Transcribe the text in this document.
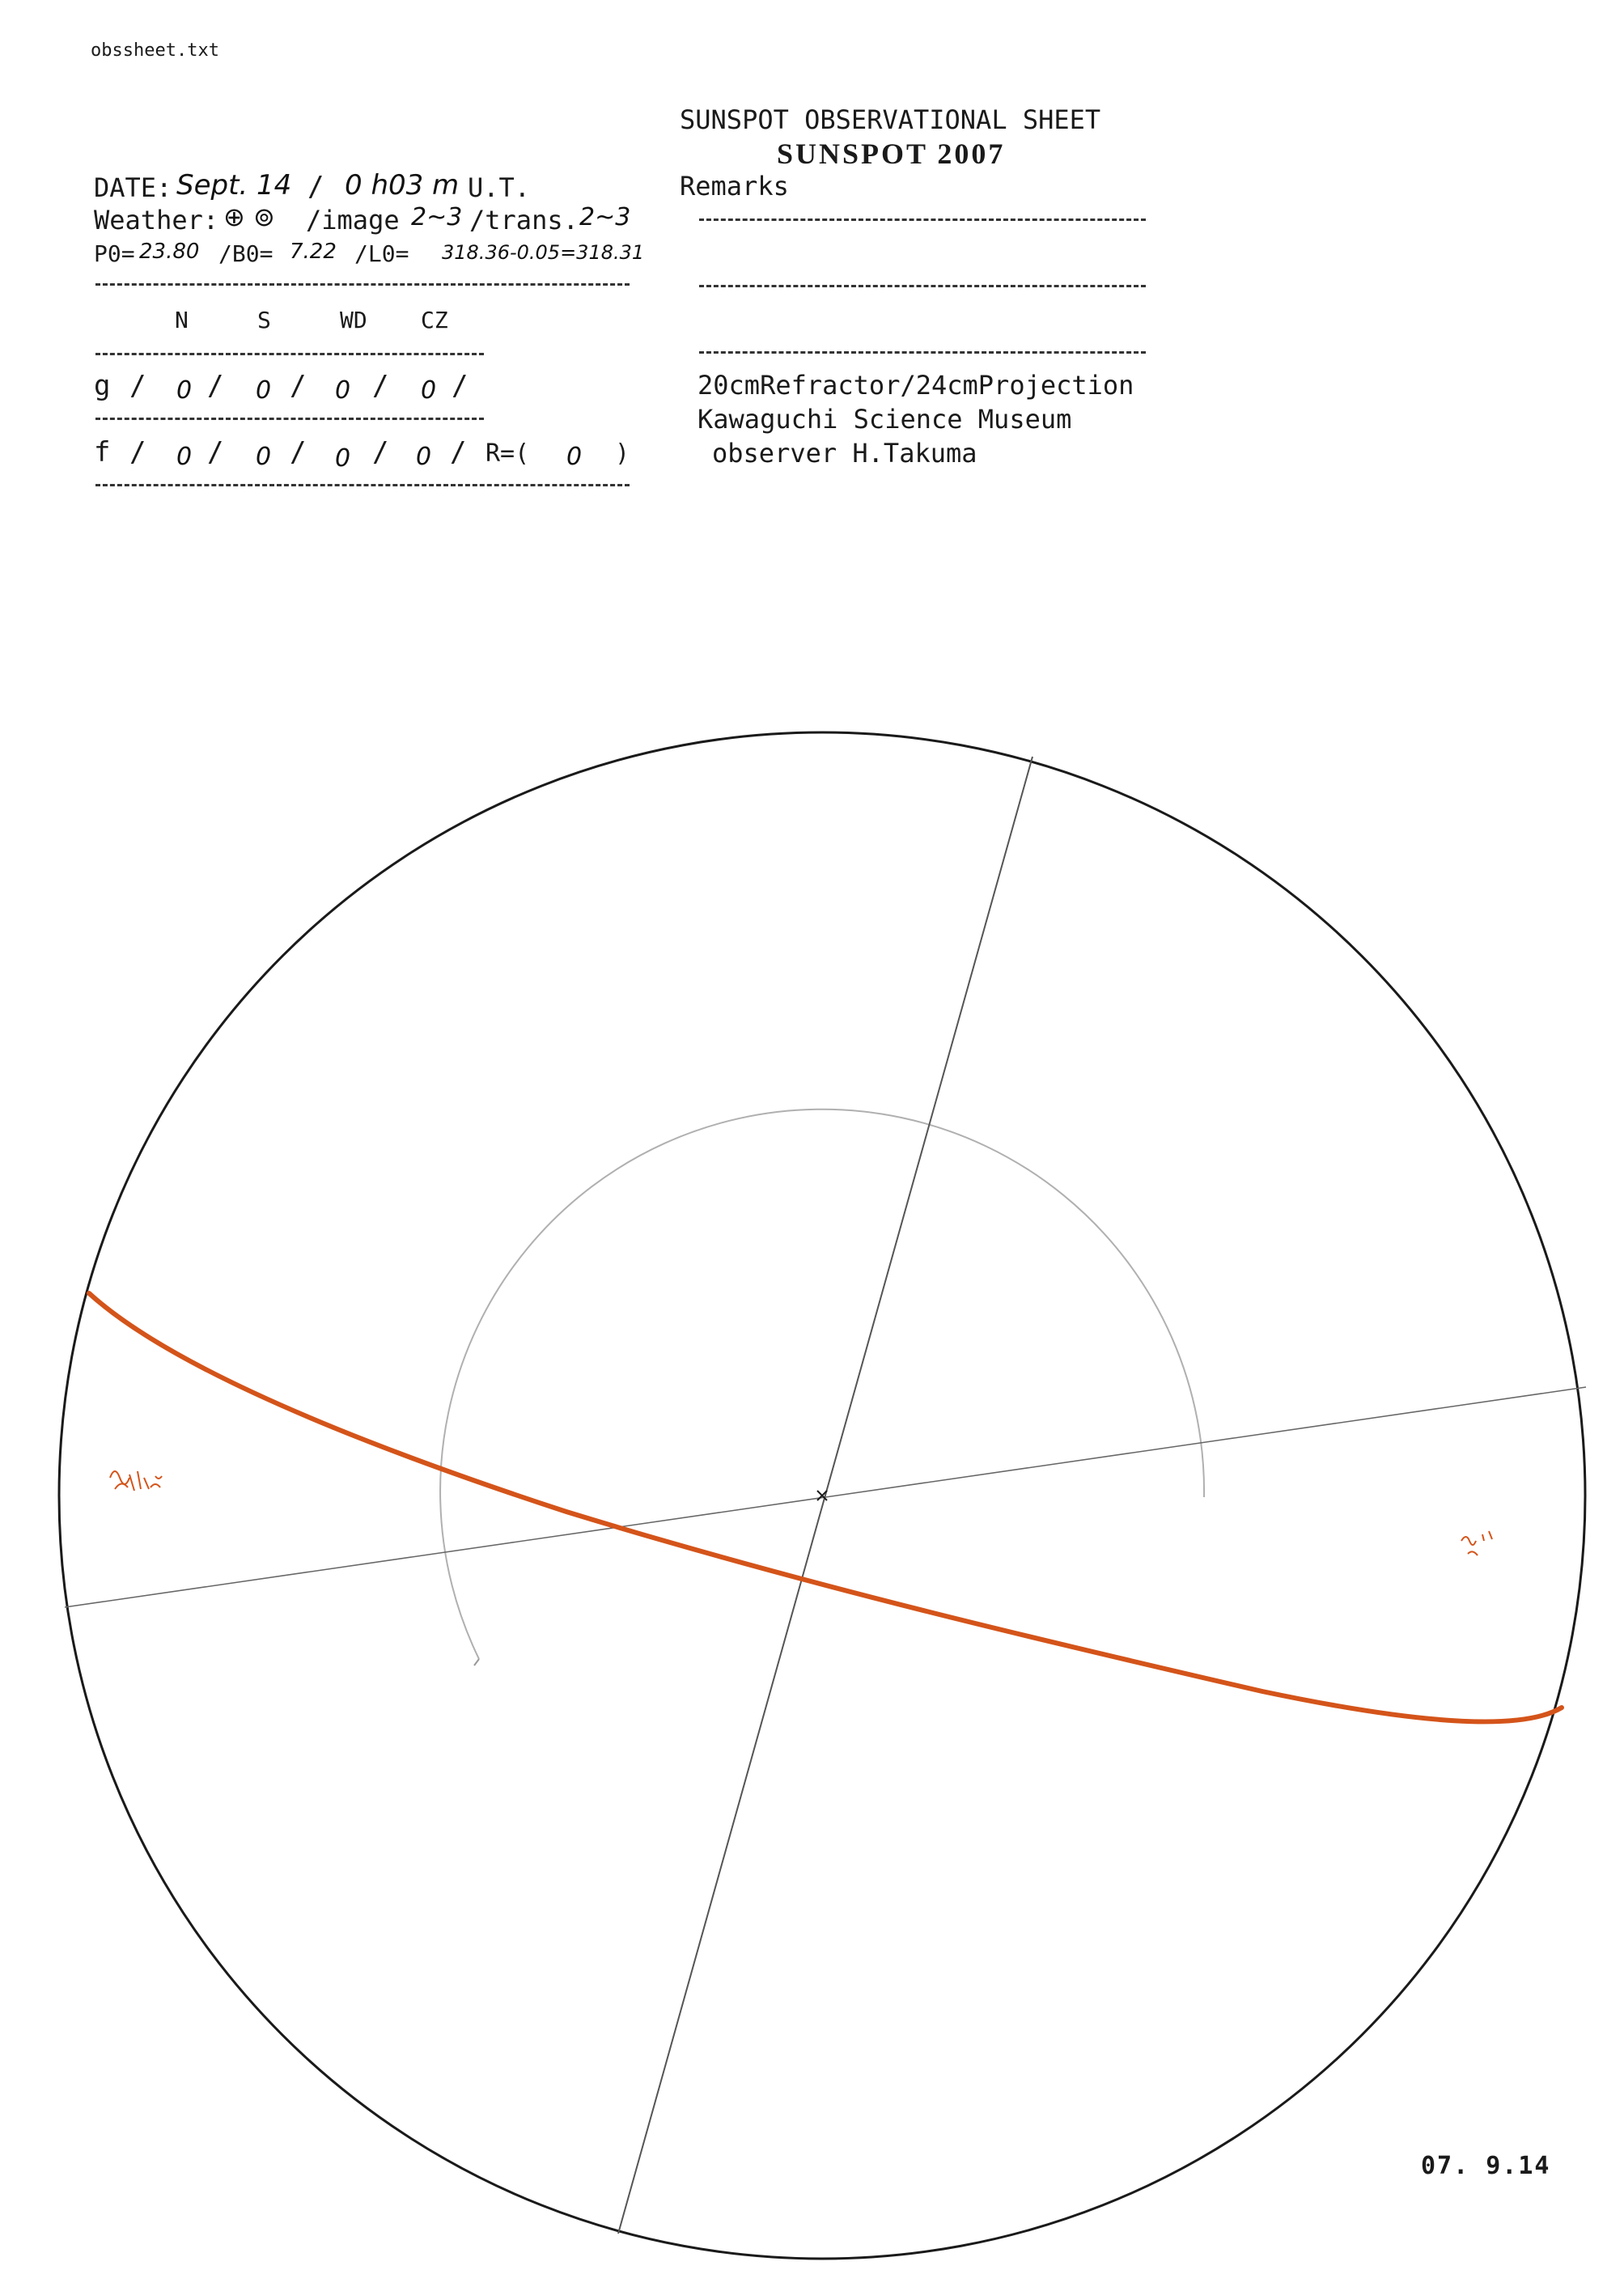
obssheet.txt
SUNSPOT OBSERVATIONAL SHEET
SUNSPOT 2007
DATE: Sept. 14 / 0 h03 m U.T.
Weather: ⊕ ⊚ /image 2~3 /trans. 2~3
P0= 23.80 /B0= 7.22 /L0= 318.36-0.05=318.31
N	S	WD CZ
g / 0 / 0 / 0 / 0 /
f / 0 / 0 / 0 / 0 / R=( 0 )
Remarks
20cmRefractor/24cmProjection
Kawaguchi Science Museum
observer H.Takuma
07. 9.14
